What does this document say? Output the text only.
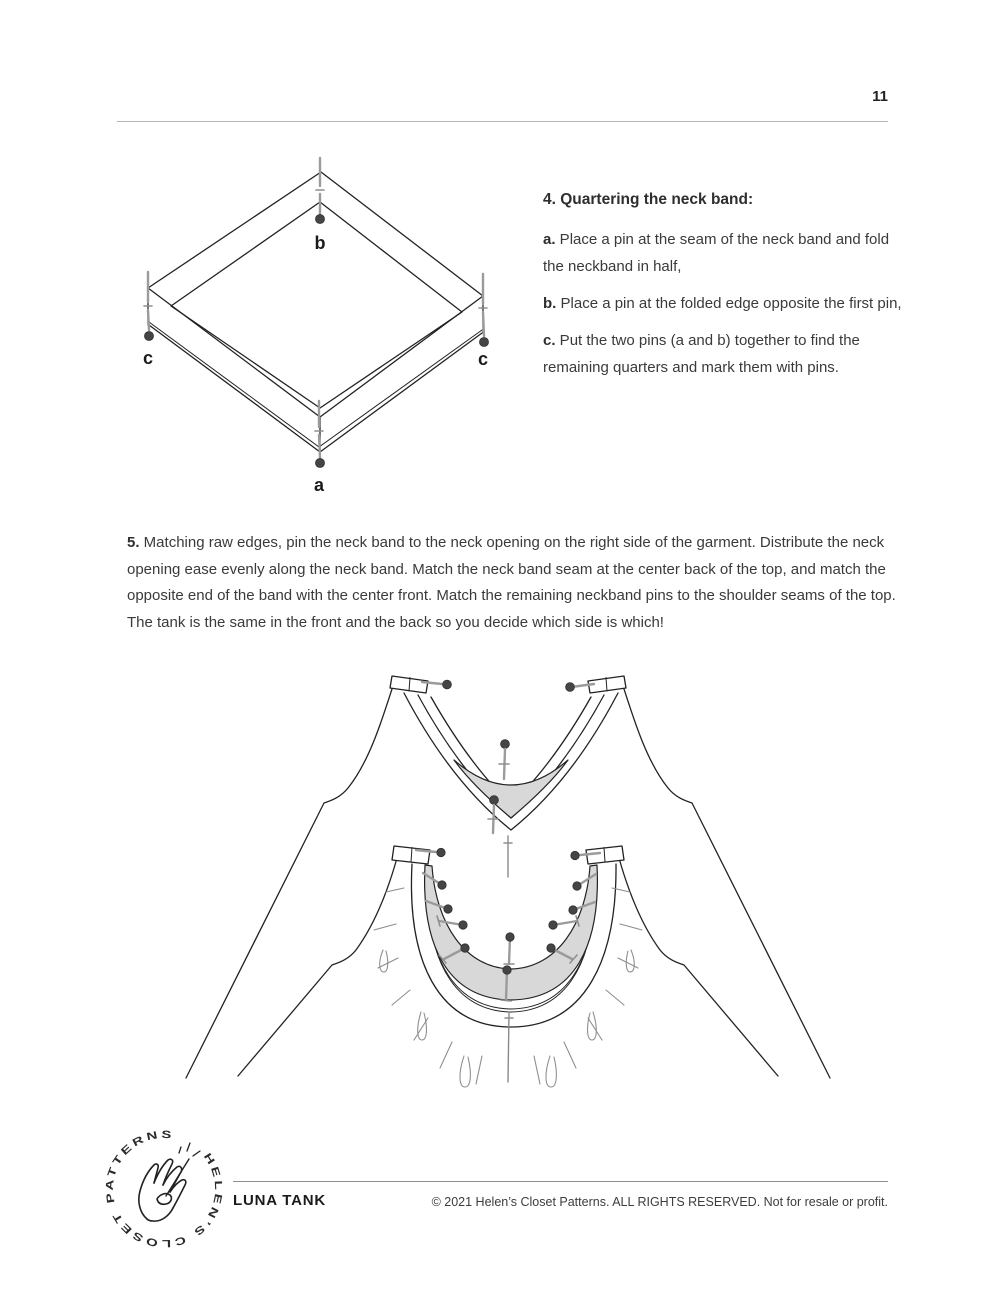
11
b
c	c
a
4. Quartering the neck band:

a. Place a pin at the seam of the neck band and fold the neckband in half,

b. Place a pin at the folded edge opposite the first pin,

c. Put the two pins (a and b) together to find the remaining quarters and mark them with pins.

5. Matching raw edges, pin the neck band to the neck opening on the right side of the garment. Distribute the neck opening ease evenly along the neck band. Match the neck band seam at the center back of the top, and match the opposite end of the band with the center front. Match the remaining neckband pins to the shoulder seams of the top. The tank is the same in the front and the back so you decide which side is which!

HELEN’S CLOSET PATTERNS
LUNA TANK	© 2021 Helen’s Closet Patterns. ALL RIGHTS RESERVED. Not for resale or profit.
